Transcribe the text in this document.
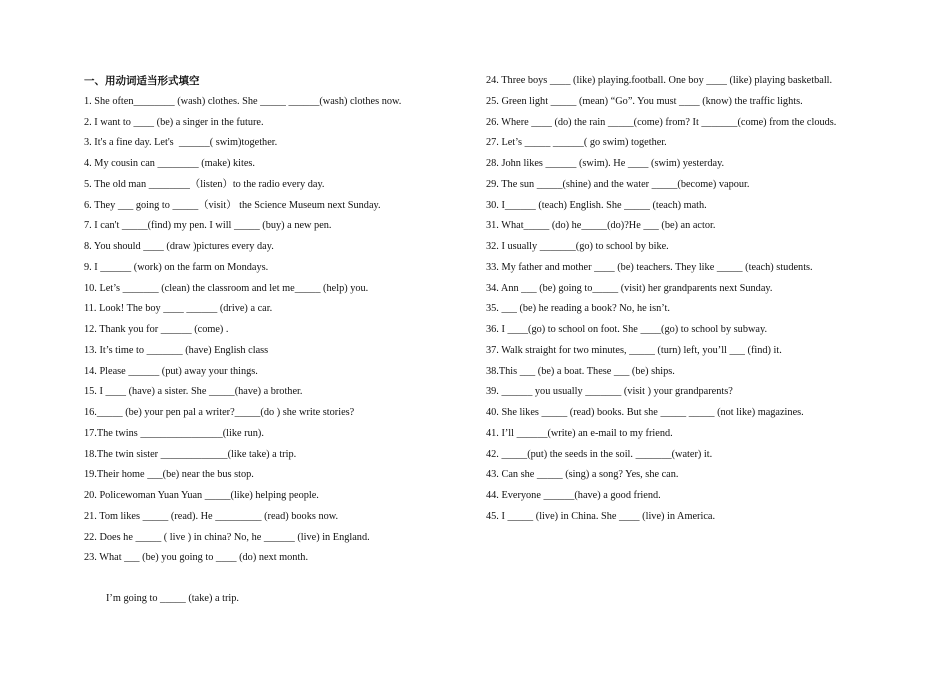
一、用动词适当形式填空
1. She often________ (wash) clothes. She _____ ______(wash) clothes now.
2. I want to ____ (be) a singer in the future.
3. It's a fine day. Let's  ______( swim)together.
4. My cousin can ________ (make) kites.
5. The old man ________（listen）to the radio every day.
6. They ___ going to _____（visit） the Science Museum next Sunday.
7. I can't _____(find) my pen. I will _____ (buy) a new pen.
8. You should ____ (draw )pictures every day.
9. I ______ (work) on the farm on Mondays.
10. Let’s _______ (clean) the classroom and let me_____ (help) you.
11. Look! The boy ____ ______ (drive) a car.
12. Thank you for ______ (come) .
13. It’s time to _______ (have) English class
14. Please ______ (put) away your things.
15. I ____ (have) a sister. She _____(have) a brother.
16._____ (be) your pen pal a writer?_____(do ) she write stories?
17.The twins ________________(like run).
18.The twin sister _____________(like take) a trip.
19.Their home ___(be) near the bus stop.
20. Policewoman Yuan Yuan _____(like) helping people.
21. Tom likes _____ (read). He _________ (read) books now.
22. Does he _____ ( live ) in china? No, he ______ (live) in England.
23. What ___ (be) you going to ____ (do) next month.
I’m going to _____ (take) a trip.
24. Three boys ____ (like) playing.football. One boy ____ (like) playing basketball.
25. Green light _____ (mean) “Go”. You must ____ (know) the traffic lights.
26. Where ____ (do) the rain _____(come) from? It _______(come) from the clouds.
27. Let’s _____ ______( go swim) together.
28. John likes ______ (swim). He ____ (swim) yesterday.
29. The sun _____(shine) and the water _____(become) vapour.
30. I______ (teach) English. She _____ (teach) math.
31. What_____ (do) he_____(do)?He ___ (be) an actor.
32. I usually _______(go) to school by bike.
33. My father and mother ____ (be) teachers. They like _____ (teach) students.
34. Ann ___ (be) going to_____ (visit) her grandparents next Sunday.
35. ___ (be) he reading a book? No, he isn’t.
36. I ____(go) to school on foot. She ____(go) to school by subway.
37. Walk straight for two minutes, _____ (turn) left, you’ll ___ (find) it.
38.This ___ (be) a boat. These ___ (be) ships.
39. ______ you usually _______ (visit ) your grandparents?
40. She likes _____ (read) books. But she _____ _____ (not like) magazines.
41. I’ll ______(write) an e-mail to my friend.
42. _____(put) the seeds in the soil. _______(water) it.
43. Can she _____ (sing) a song? Yes, she can.
44. Everyone ______(have) a good friend.
45. I _____ (live) in China. She ____ (live) in America.
